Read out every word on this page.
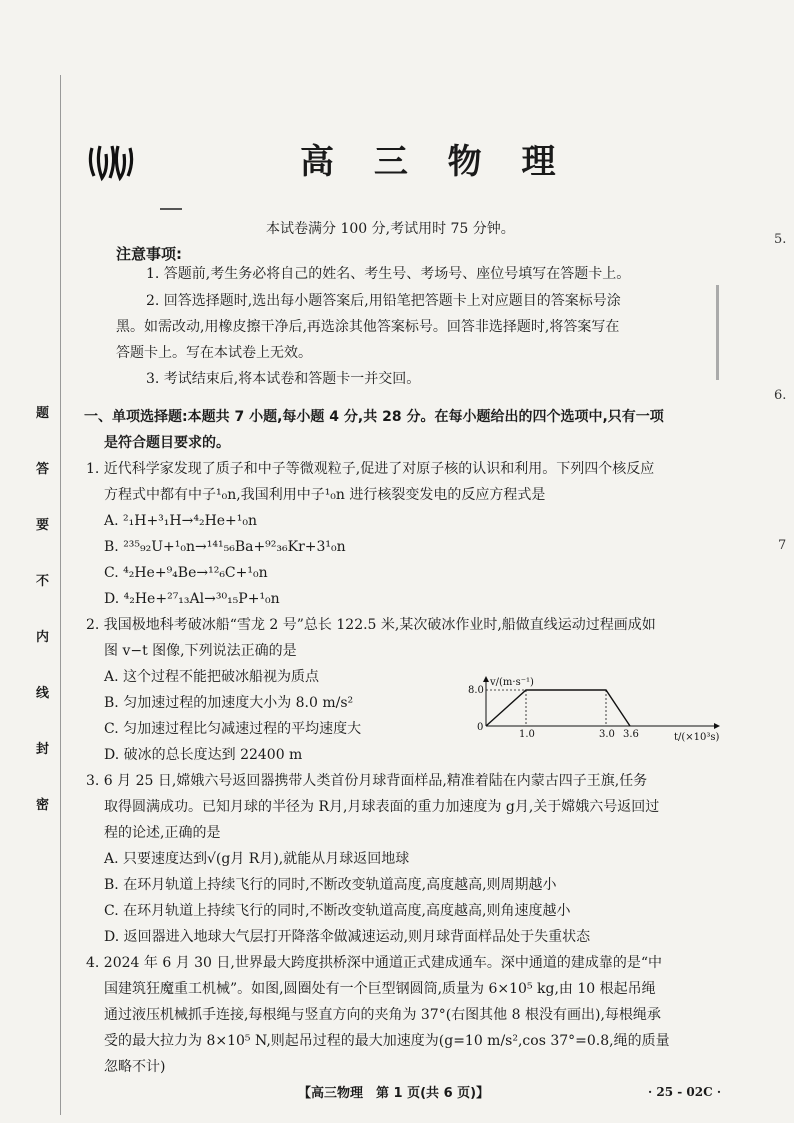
高 三 物 理
本试卷满分 100 分,考试用时 75 分钟。
注意事项:
1. 答题前,考生务必将自己的姓名、考生号、考场号、座位号填写在答题卡上。
2. 回答选择题时,选出每小题答案后,用铅笔把答题卡上对应题目的答案标号涂
黑。如需改动,用橡皮擦干净后,再选涂其他答案标号。回答非选择题时,将答案写在
答题卡上。写在本试卷上无效。
3. 考试结束后,将本试卷和答题卡一并交回。
题
答
要
不
内
线
封
密
5.
6.
7
一、单项选择题:本题共 7 小题,每小题 4 分,共 28 分。在每小题给出的四个选项中,只有一项
是符合题目要求的。
1. 近代科学家发现了质子和中子等微观粒子,促进了对原子核的认识和利用。下列四个核反应
方程式中都有中子¹₀n,我国利用中子¹₀n 进行核裂变发电的反应方程式是
A. ²₁H+³₁H→⁴₂He+¹₀n
B. ²³⁵₉₂U+¹₀n→¹⁴¹₅₆Ba+⁹²₃₆Kr+3¹₀n
C. ⁴₂He+⁹₄Be→¹²₆C+¹₀n
D. ⁴₂He+²⁷₁₃Al→³⁰₁₅P+¹₀n
2. 我国极地科考破冰船“雪龙 2 号”总长 122.5 米,某次破冰作业时,船做直线运动过程画成如
图 v−t 图像,下列说法正确的是
A. 这个过程不能把破冰船视为质点
B. 匀加速过程的加速度大小为 8.0 m/s²
C. 匀加速过程比匀减速过程的平均速度大
D. 破冰的总长度达到 22400 m
v/(m·s⁻¹)
t/(×10³s)
0
8.0
1.0	3.0 3.6
3. 6 月 25 日,嫦娥六号返回器携带人类首份月球背面样品,精准着陆在内蒙古四子王旗,任务
取得圆满成功。已知月球的半径为 R月,月球表面的重力加速度为 g月,关于嫦娥六号返回过
程的论述,正确的是
A. 只要速度达到√(g月 R月),就能从月球返回地球
B. 在环月轨道上持续飞行的同时,不断改变轨道高度,高度越高,则周期越小
C. 在环月轨道上持续飞行的同时,不断改变轨道高度,高度越高,则角速度越小
D. 返回器进入地球大气层打开降落伞做减速运动,则月球背面样品处于失重状态
4. 2024 年 6 月 30 日,世界最大跨度拱桥深中通道正式建成通车。深中通道的建成靠的是“中
国建筑狂魔重工机械”。如图,圆圈处有一个巨型钢圆筒,质量为 6×10⁵ kg,由 10 根起吊绳
通过液压机械抓手连接,每根绳与竖直方向的夹角为 37°(右图其他 8 根没有画出),每根绳承
受的最大拉力为 8×10⁵ N,则起吊过程的最大加速度为(g=10 m/s²,cos 37°=0.8,绳的质量
忽略不计)
【高三物理　第 1 页(共 6 页)】	· 25 - 02C ·
